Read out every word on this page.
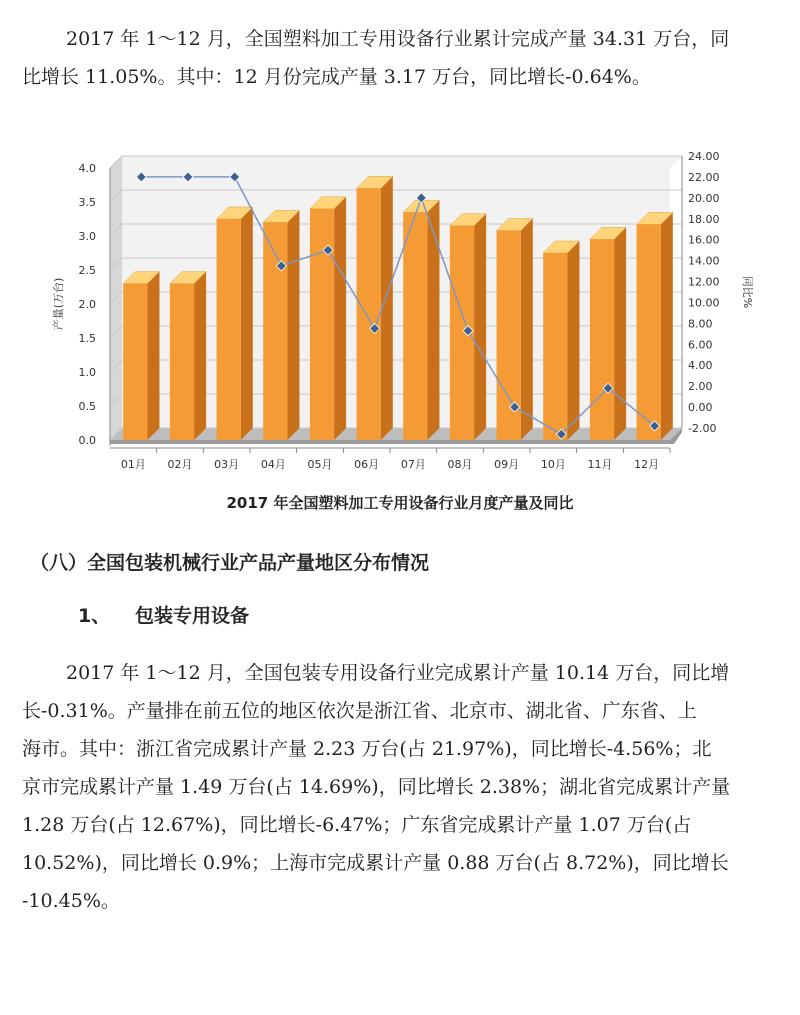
2017 年 1～12 月，全国塑料加工专用设备行业累计完成产量 34.31 万台，同
比增长 11.05%。其中：12 月份完成产量 3.17 万台，同比增长-0.64%。
0.0
0.5
1.0
1.5
2.0
2.5
3.0
3.5
4.0
-2.00
0.00
2.00
4.00
6.00
8.00
10.00
12.00
14.00
16.00
18.00
20.00
22.00
24.00
产量(万台)	同比%
01月 02月 03月 04月 05月 06月 07月 08月 09月 10月 11月 12月
2017 年全国塑料加工专用设备行业月度产量及同比
（八）全国包装机械行业产品产量地区分布情况
1、 包装专用设备
2017 年 1～12 月，全国包装专用设备行业完成累计产量 10.14 万台，同比增
长-0.31%。产量排在前五位的地区依次是浙江省、北京市、湖北省、广东省、上
海市。其中：浙江省完成累计产量 2.23 万台(占 21.97%)，同比增长-4.56%；北
京市完成累计产量 1.49 万台(占 14.69%)，同比增长 2.38%；湖北省完成累计产量
1.28 万台(占 12.67%)，同比增长-6.47%；广东省完成累计产量 1.07 万台(占
10.52%)，同比增长 0.9%；上海市完成累计产量 0.88 万台(占 8.72%)，同比增长
-10.45%。
